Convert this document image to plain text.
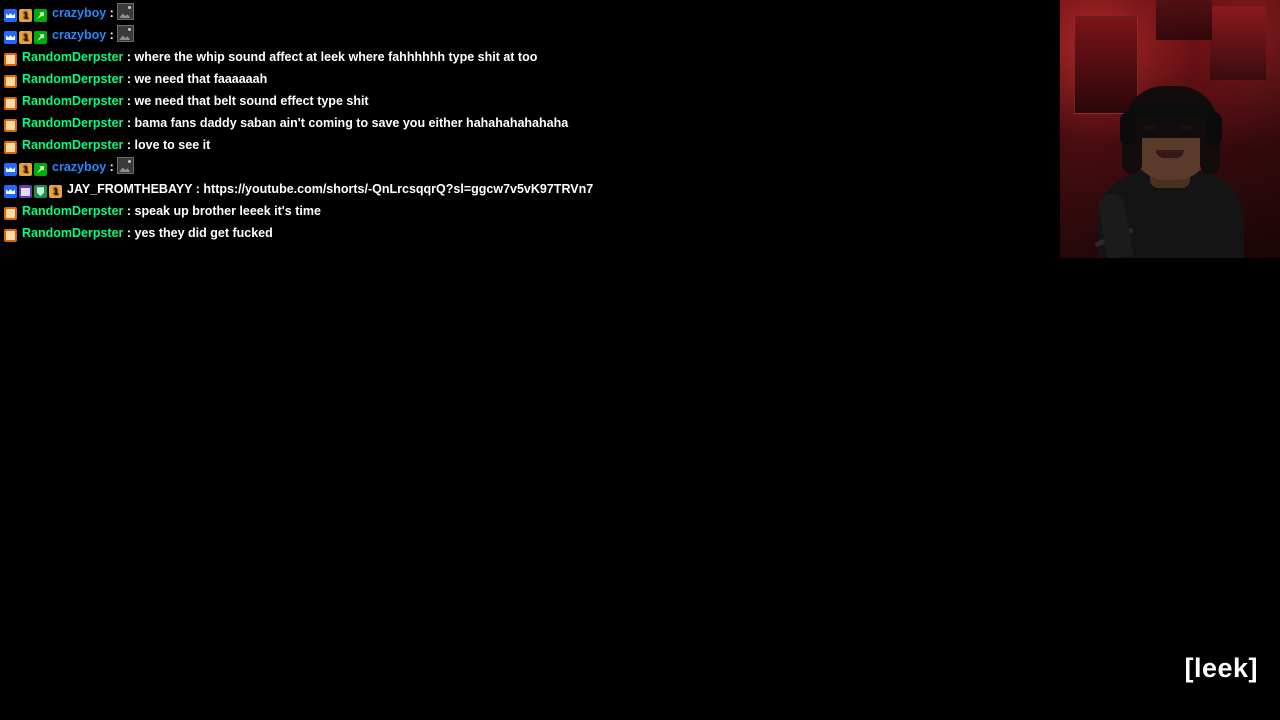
1crazyboy :
1crazyboy :
RandomDerpster : where the whip sound affect at leek where fahhhhhh type shit at too
RandomDerpster : we need that faaaaaah
RandomDerpster : we need that belt sound effect type shit
RandomDerpster : bama fans daddy saban ain't coming to save you either hahahahahahaha
RandomDerpster : love to see it
1crazyboy :
1JAY_FROMTHEBAYY : https://youtube.com/shorts/-QnLrcsqqrQ?sl=ggcw7v5vK97TRVn7
RandomDerpster : speak up brother leeek it's time
RandomDerpster : yes they did get fucked
[leek]
